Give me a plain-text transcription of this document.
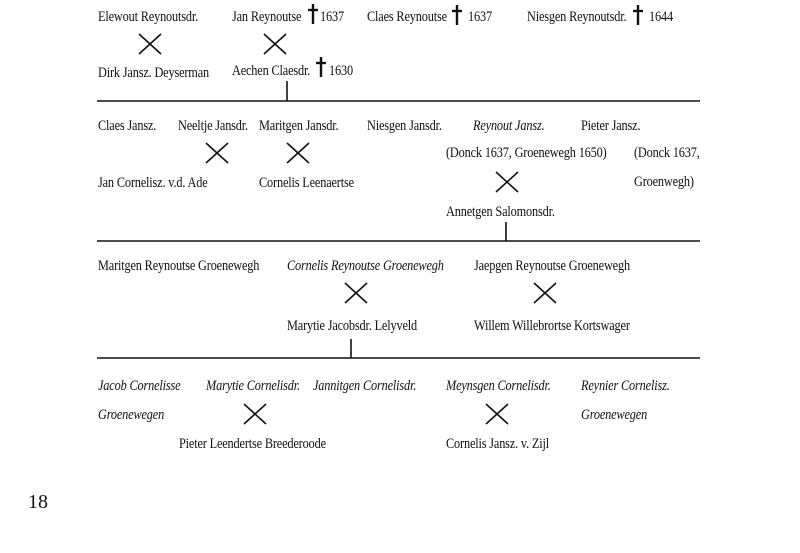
Elewout Reynoutsdr. Jan Reynoutse 1637 Claes Reynoutse 1637 Niesgen Reynoutsdr. 1644
Dirk Jansz. Deyserman Aechen Claesdr. 1630
Claes Jansz. Neeltje Jansdr. Maritgen Jansdr. Niesgen Jansdr. Reynout Jansz. Pieter Jansz.
(Donck 1637, Groenewegh 1650) (Donck 1637,
Groenwegh)
Jan Cornelisz. v.d. Ade	Cornelis Leenaertse
Annetgen Salomonsdr.
Maritgen Reynoutse Groenewegh Cornelis Reynoutse Groenewegh Jaepgen Reynoutse Groenewegh
Marytie Jacobsdr. Lelyveld	Willem Willebrortse Kortswager
Jacob Cornelisse
Groenewegen
Marytie Cornelisdr. Jannitgen Cornelisdr. Meynsgen Cornelisdr. Reynier Cornelisz.
Groenewegen
Pieter Leendertse Breederoode	Cornelis Jansz. v. Zijl
18
